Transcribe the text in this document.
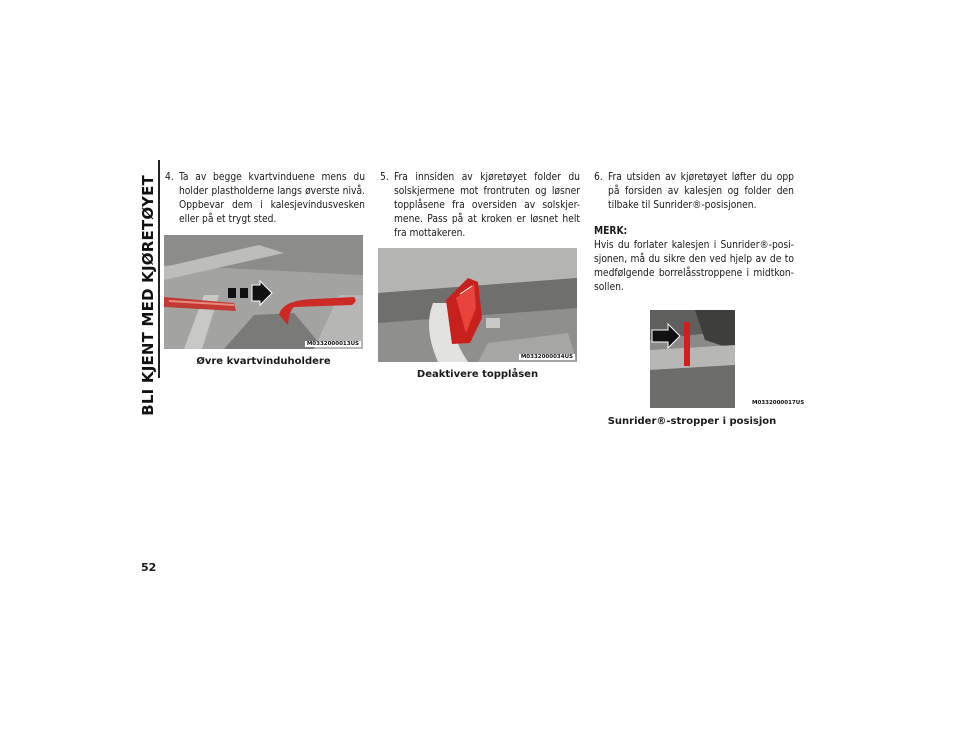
BLI KJENT MED KJØRETØYET 4. Ta av begge kvartvinduene mens du holder plastholderne langs øverste nivå. Oppbevar dem i kalesjevindusvesken eller på et trygt sted.
M0332000013US
Øvre kvartvinduholdere
5. Fra innsiden av kjøretøyet folder du solskjermene mot frontruten og løsner topplåsene fra oversiden av solskjer-mene. Pass på at kroken er løsnet helt fra mottakeren.
M0332000034US
Deaktivere topplåsen
6. Fra utsiden av kjøretøyet løfter du opp på forsiden av kalesjen og folder den tilbake til Sunrider®-posisjonen.
MERK:
Hvis du forlater kalesjen i Sunrider®-posi-sjonen, må du sikre den ved hjelp av de to medfølgende borrelåsstroppene i midtkon-sollen.
M0332000017US
Sunrider®-stropper i posisjon
52
